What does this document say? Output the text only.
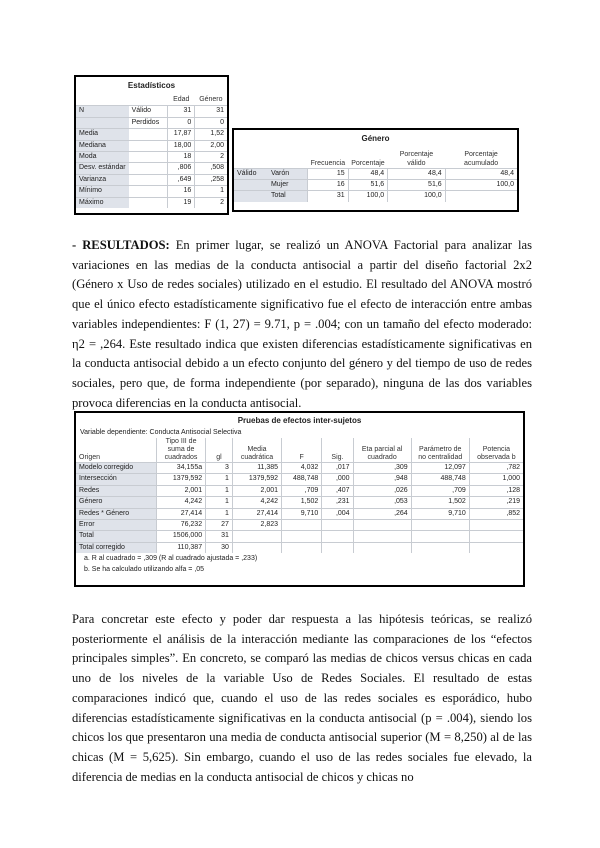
Estadísticos
		Edad	Género
N	Válido	31	31
	Perdidos	0	0
Media		17,87	1,52
Mediana		18,00	2,00
Moda		18	2
Desv. estándar		,806	,508
Varianza		,649	,258
Mínimo		16	1
Máximo		19	2
Género
		Frecuencia	Porcentaje	Porcentaje válido	Porcentaje acumulado
Válido	Varón	15	48,4	48,4	48,4
	Mujer	16	51,6	51,6	100,0
	Total	31	100,0	100,0	

- RESULTADOS: En primer lugar, se realizó un ANOVA Factorial para analizar las variaciones en las medias de la conducta antisocial a partir del diseño factorial 2x2 (Género x Uso de redes sociales) utilizado en el estudio. El resultado del ANOVA mostró que el único efecto estadísticamente significativo fue el efecto de interacción entre ambas variables independientes: F (1, 27) = 9.71, p = .004; con un tamaño del efecto moderado: η2 = ,264. Este resultado indica que existen diferencias estadísticamente significativas en la conducta antisocial debido a un efecto conjunto del género y del tiempo de uso de redes sociales, pero que, de forma independiente (por separado), ninguna de las dos variables provoca diferencias en la conducta antisocial.

Pruebas de efectos inter-sujetos
Variable dependiente: Conducta Antisocial Selectiva
Origen	Tipo III de suma de cuadrados	gl	Media cuadrática	F	Sig.	Eta parcial al cuadrado	Parámetro de no centralidad	Potencia observada b
Modelo corregido	34,155a	3	11,385	4,032	,017	,309	12,097	,782
Intersección	1379,592	1	1379,592	488,748	,000	,948	488,748	1,000
Redes	2,001	1	2,001	,709	,407	,026	,709	,128
Género	4,242	1	4,242	1,502	,231	,053	1,502	,219
Redes * Género	27,414	1	27,414	9,710	,004	,264	9,710	,852
Error	76,232	27	2,823					
Total	1506,000	31						
Total corregido	110,387	30						
a. R al cuadrado = ,309 (R al cuadrado ajustada = ,233)
b. Se ha calculado utilizando alfa = ,05

Para concretar este efecto y poder dar respuesta a las hipótesis teóricas, se realizó posteriormente el análisis de la interacción mediante las comparaciones de los “efectos principales simples”. En concreto, se comparó las medias de chicos versus chicas en cada uno de los niveles de la variable Uso de Redes Sociales. El resultado de estas comparaciones indicó que, cuando el uso de las redes sociales es esporádico, hubo diferencias estadísticamente significativas en la conducta antisocial (p = .004), siendo los chicos los que presentaron una media de conducta antisocial superior (M = 8,250) al de las chicas (M = 5,625). Sin embargo, cuando el uso de las redes sociales fue elevado, la diferencia de medias en la conducta antisocial de chicos y chicas no
